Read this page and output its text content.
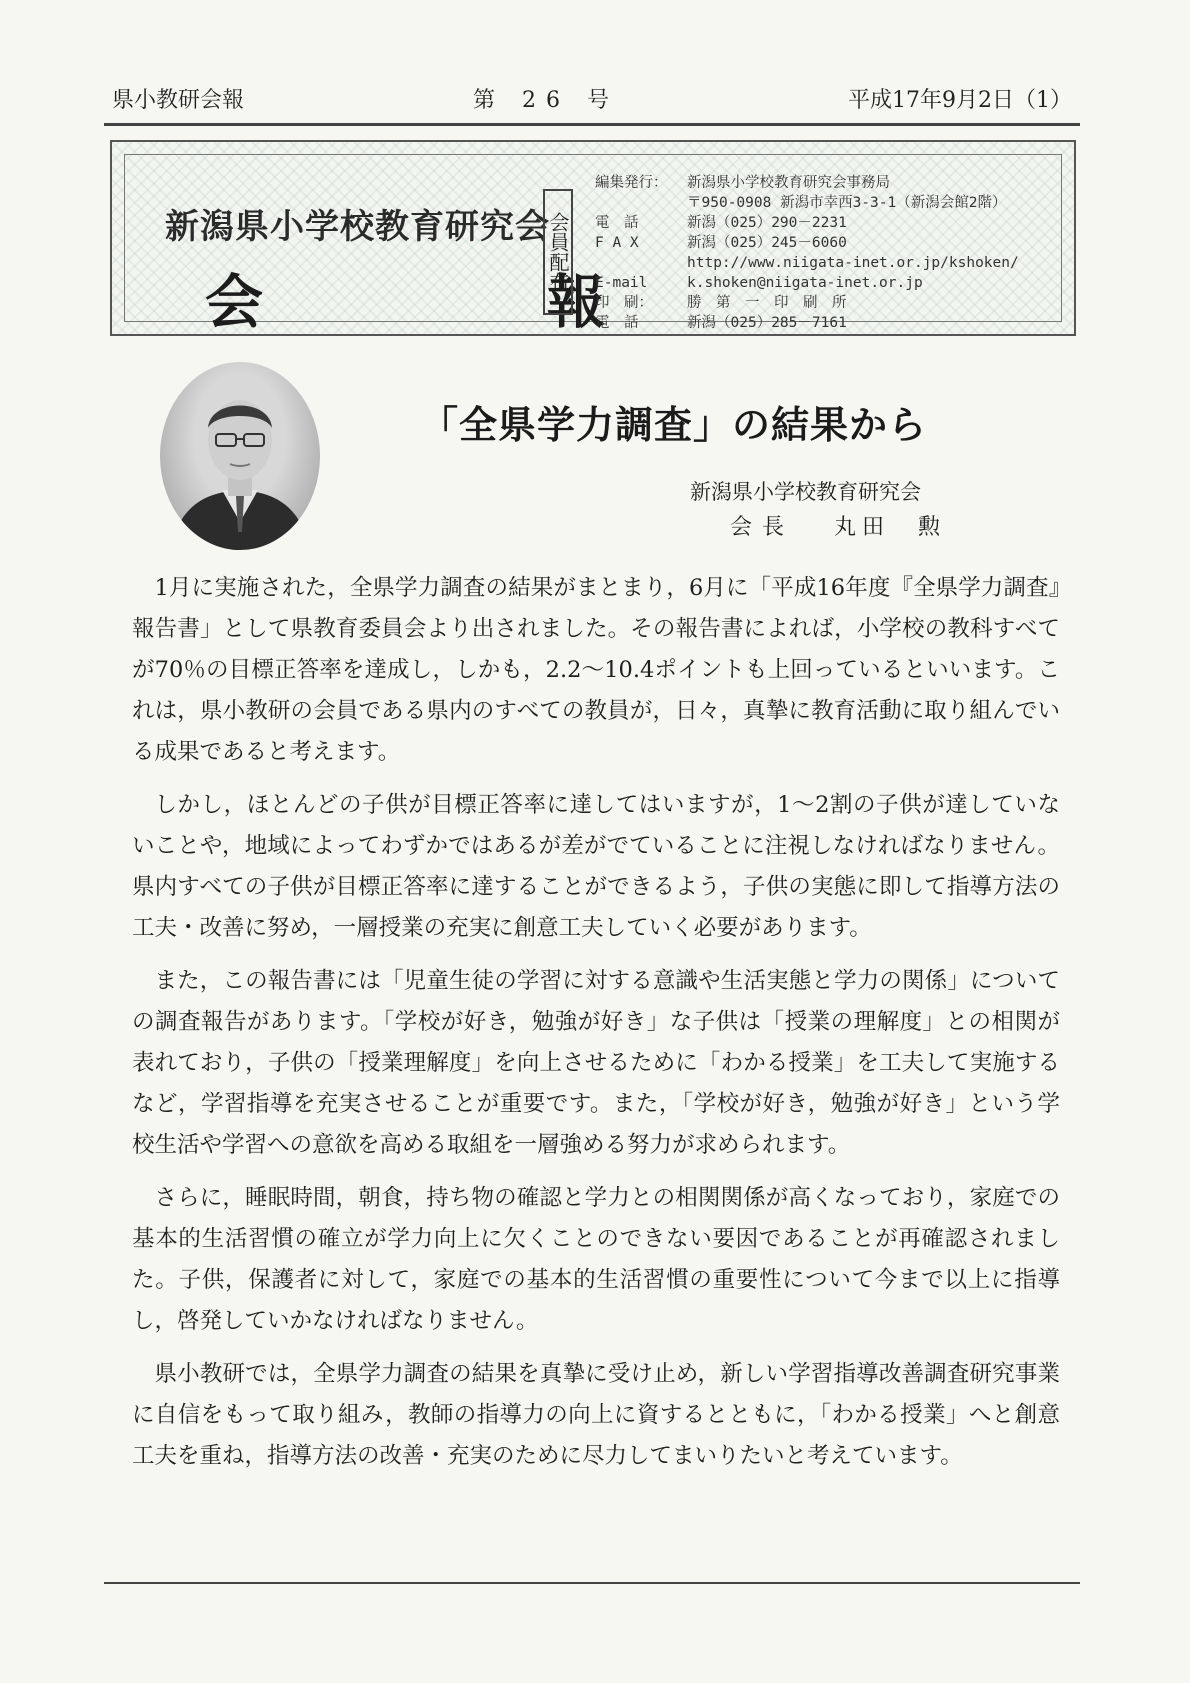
県小教研会報	第 26 号	平成17年9月2日（1）
新潟県小学校教育研究会
会	報
会員配布
編集発行：	新潟県小学校教育研究会事務局
〒950-0908 新潟市幸西3-3-1（新潟会館2階）
電　話	新潟（025）290－2231
F A X	新潟（025）245－6060
http://www.niigata-inet.or.jp/kshoken/
E-mail	k.shoken@niigata-inet.or.jp
印　刷：	勝　第　一　印　刷　所
電　話	新潟（025）285－7161
「全県学力調査」の結果から
新潟県小学校教育研究会
会長 丸田　勲

1月に実施された，全県学力調査の結果がまとまり，6月に「平成16年度『全県学力調査』報告書」として県教育委員会より出されました。その報告書によれば，小学校の教科すべてが70％の目標正答率を達成し，しかも，2.2～10.4ポイントも上回っているといいます。これは，県小教研の会員である県内のすべての教員が，日々，真摯に教育活動に取り組んでいる成果であると考えます。

しかし，ほとんどの子供が目標正答率に達してはいますが，1～2割の子供が達していないことや，地域によってわずかではあるが差がでていることに注視しなければなりません。県内すべての子供が目標正答率に達することができるよう，子供の実態に即して指導方法の工夫・改善に努め，一層授業の充実に創意工夫していく必要があります。

また，この報告書には「児童生徒の学習に対する意識や生活実態と学力の関係」についての調査報告があります。「学校が好き，勉強が好き」な子供は「授業の理解度」との相関が表れており，子供の「授業理解度」を向上させるために「わかる授業」を工夫して実施するなど，学習指導を充実させることが重要です。また，「学校が好き，勉強が好き」という学校生活や学習への意欲を高める取組を一層強める努力が求められます。

さらに，睡眠時間，朝食，持ち物の確認と学力との相関関係が高くなっており，家庭での基本的生活習慣の確立が学力向上に欠くことのできない要因であることが再確認されました。子供，保護者に対して，家庭での基本的生活習慣の重要性について今まで以上に指導し，啓発していかなければなりません。

県小教研では，全県学力調査の結果を真摯に受け止め，新しい学習指導改善調査研究事業に自信をもって取り組み，教師の指導力の向上に資するとともに，「わかる授業」へと創意工夫を重ね，指導方法の改善・充実のために尽力してまいりたいと考えています。
